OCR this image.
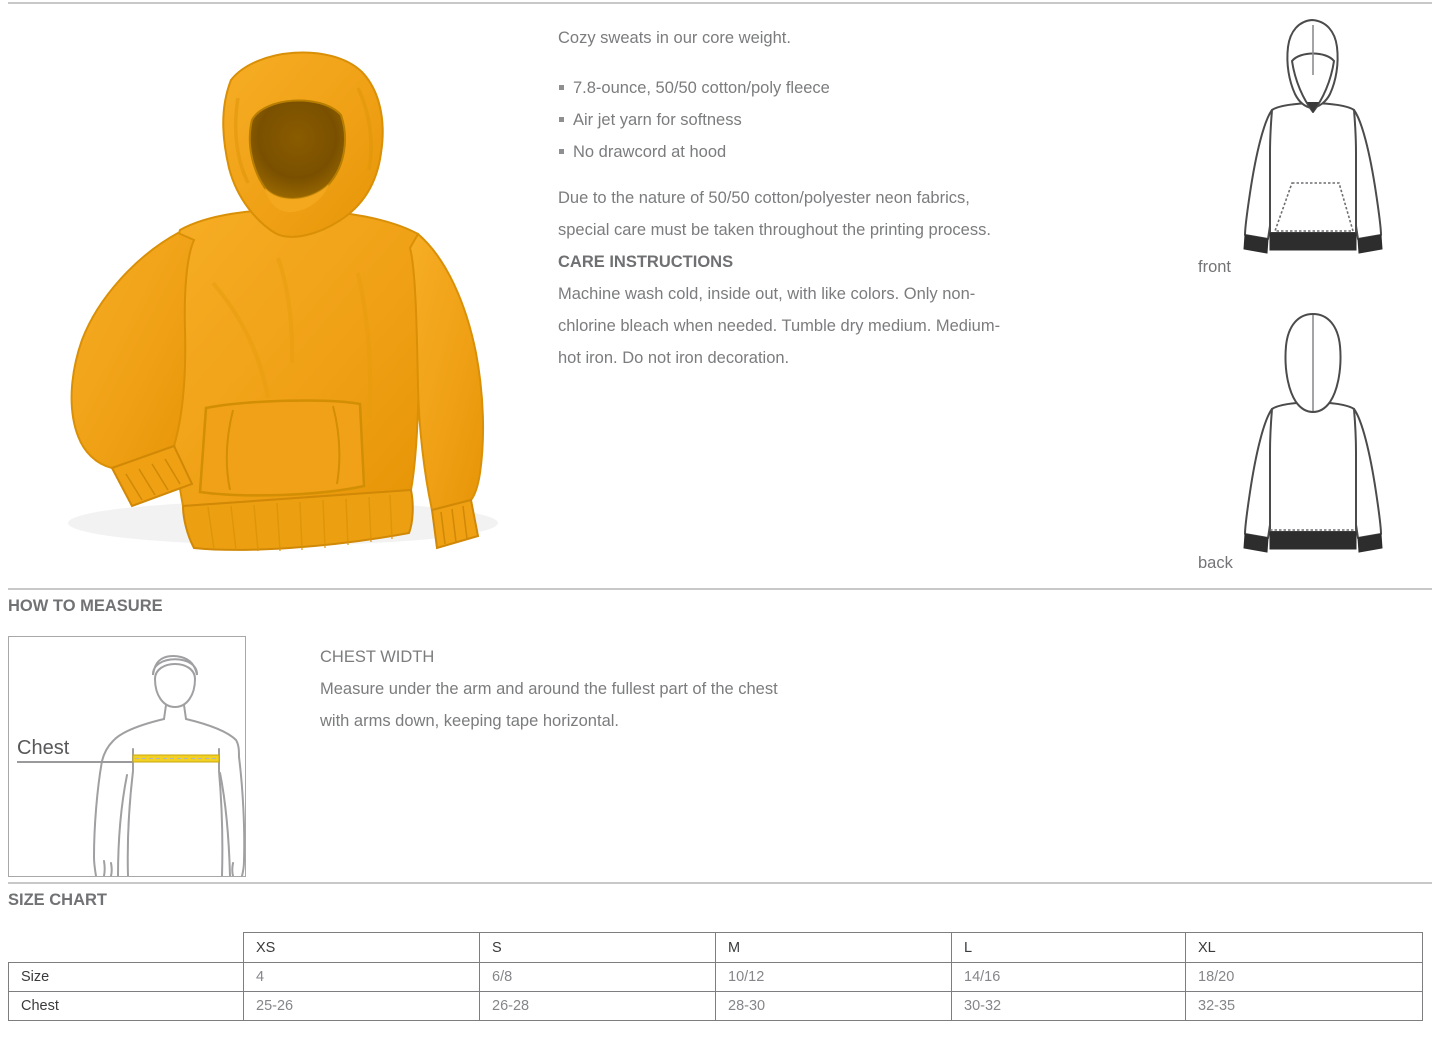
Cozy sweats in our core weight.
7.8-ounce, 50/50 cotton/poly fleece
Air jet yarn for softness
No drawcord at hood
Due to the nature of 50/50 cotton/polyester neon fabrics,
special care must be taken throughout the printing process.
CARE INSTRUCTIONS
Machine wash cold, inside out, with like colors. Only non-
chlorine bleach when needed. Tumble dry medium. Medium-
hot iron. Do not iron decoration.
front
back
HOW TO MEASURE
Chest
CHEST WIDTH
Measure under the arm and around the fullest part of the chest
with arms down, keeping tape horizontal.
SIZE CHART
	XS	S	M	L	XL
Size	4	6/8	10/12	14/16	18/20
Chest	25-26	26-28	28-30	30-32	32-35
